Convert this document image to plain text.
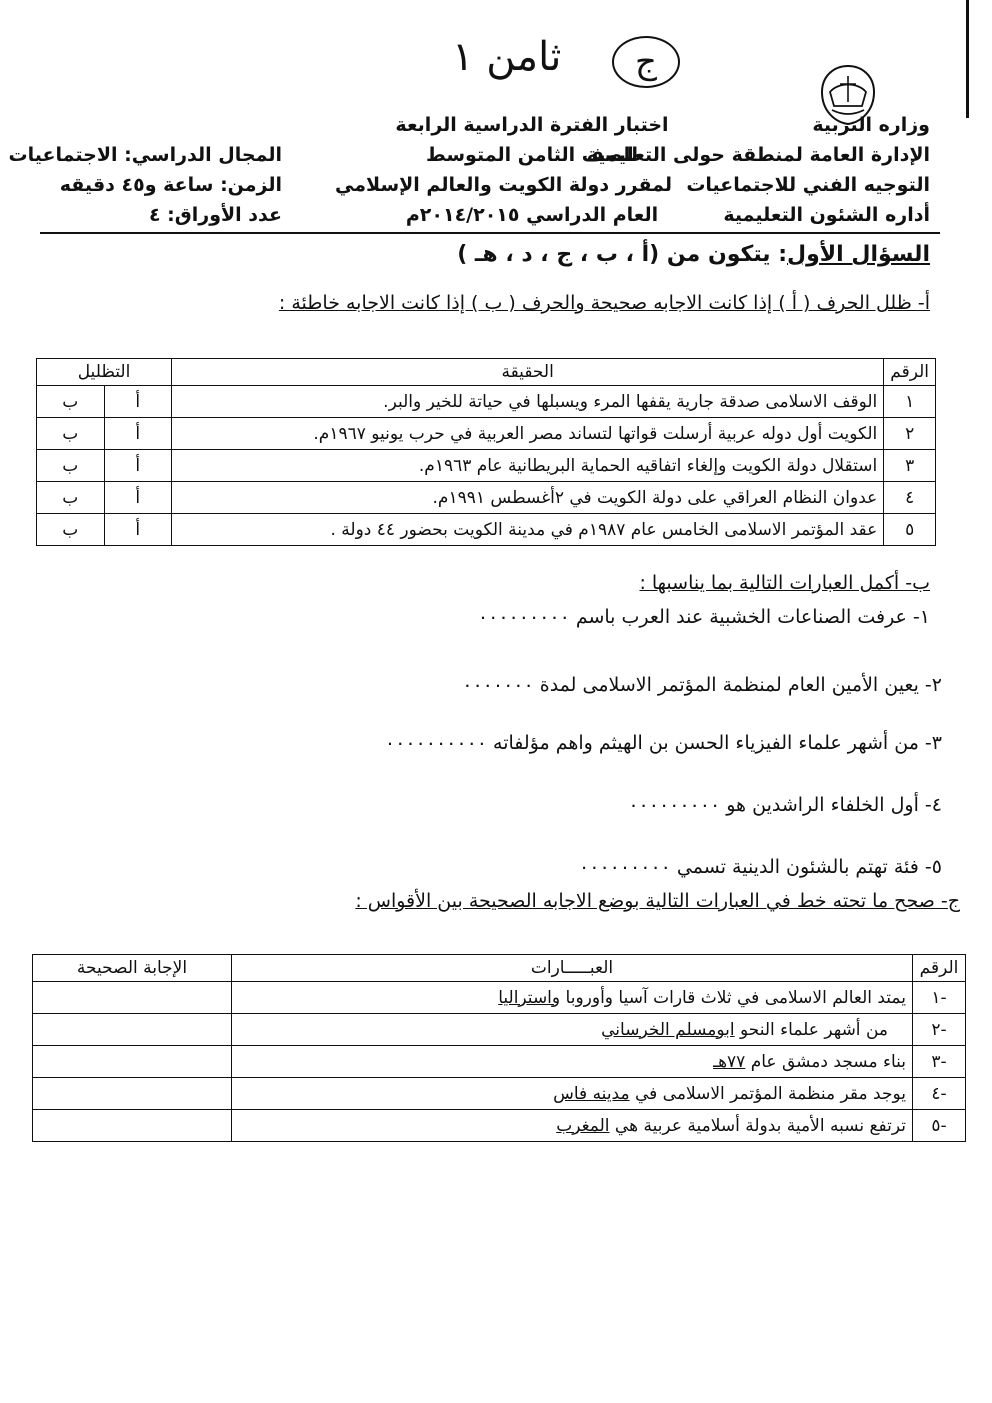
ج
ثامن ١
وزاره التربية
الإدارة العامة لمنطقة حولى التعليمية
التوجيه الفني للاجتماعيات
أداره الشئون التعليمية
اختبار الفترة الدراسية الرابعة
للصف الثامن المتوسط
لمقرر دولة الكويت والعالم الإسلامي
العام الدراسي ٢٠١٤/٢٠١٥م
المجال الدراسي: الاجتماعيات
الزمن: ساعة و٤٥ دقيقه
عدد الأوراق: ٤
السؤال الأول: يتكون من (أ ، ب ، ج ، د ، هـ )
أ- ظلل الحرف ( أ ) إذا كانت الاجابه صحيحة والحرف ( ب ) إذا كانت الاجابه خاطئة :
الرقم	الحقيقة	التظليل	
١	الوقف الاسلامى صدقة جارية يقفها المرء ويسبلها في حياتة للخير والبر.	أ	ب
٢	الكويت أول دوله عربية أرسلت قواتها لتساند مصر العربية في حرب يونيو ١٩٦٧م.	أ	ب
٣	استقلال دولة الكويت وإلغاء اتفاقيه الحماية البريطانية عام ١٩٦٣م.	أ	ب
٤	عدوان النظام العراقي على دولة الكويت في ٢أغسطس ١٩٩١م.	أ	ب
٥	عقد المؤتمر الاسلامى الخامس عام ١٩٨٧م في مدينة الكويت بحضور ٤٤ دولة .	أ	ب
ب- أكمل العبارات التالية بما يناسبها :
١- عرفت الصناعات الخشبية عند العرب باسم ٠٠٠٠٠٠٠٠٠
٢- يعين الأمين العام لمنظمة المؤتمر الاسلامى لمدة ٠٠٠٠٠٠٠
٣- من أشهر علماء الفيزياء الحسن بن الهيثم واهم مؤلفاته ٠٠٠٠٠٠٠٠٠٠
٤- أول الخلفاء الراشدين هو ٠٠٠٠٠٠٠٠٠
٥- فئة تهتم بالشئون الدينية تسمي ٠٠٠٠٠٠٠٠٠
ج- صحح ما تحته خط في العبارات التالية بوضع الاجابه الصحيحة بين الأقواس :
الرقم	العبـــــارات	الإجابة الصحيحة
-١	يمتد العالم الاسلامى في ثلاث قارات آسيا وأوروبا واستراليا	
-٢	من أشهر علماء النحو ابومسلم الخرساني	
-٣	بناء مسجد دمشق عام ٧٧هـ	
-٤	يوجد مقر منظمة المؤتمر الاسلامى في مدينه فاس	
-٥	ترتفع نسبه الأمية بدولة أسلامية عربية هي المغرب	
